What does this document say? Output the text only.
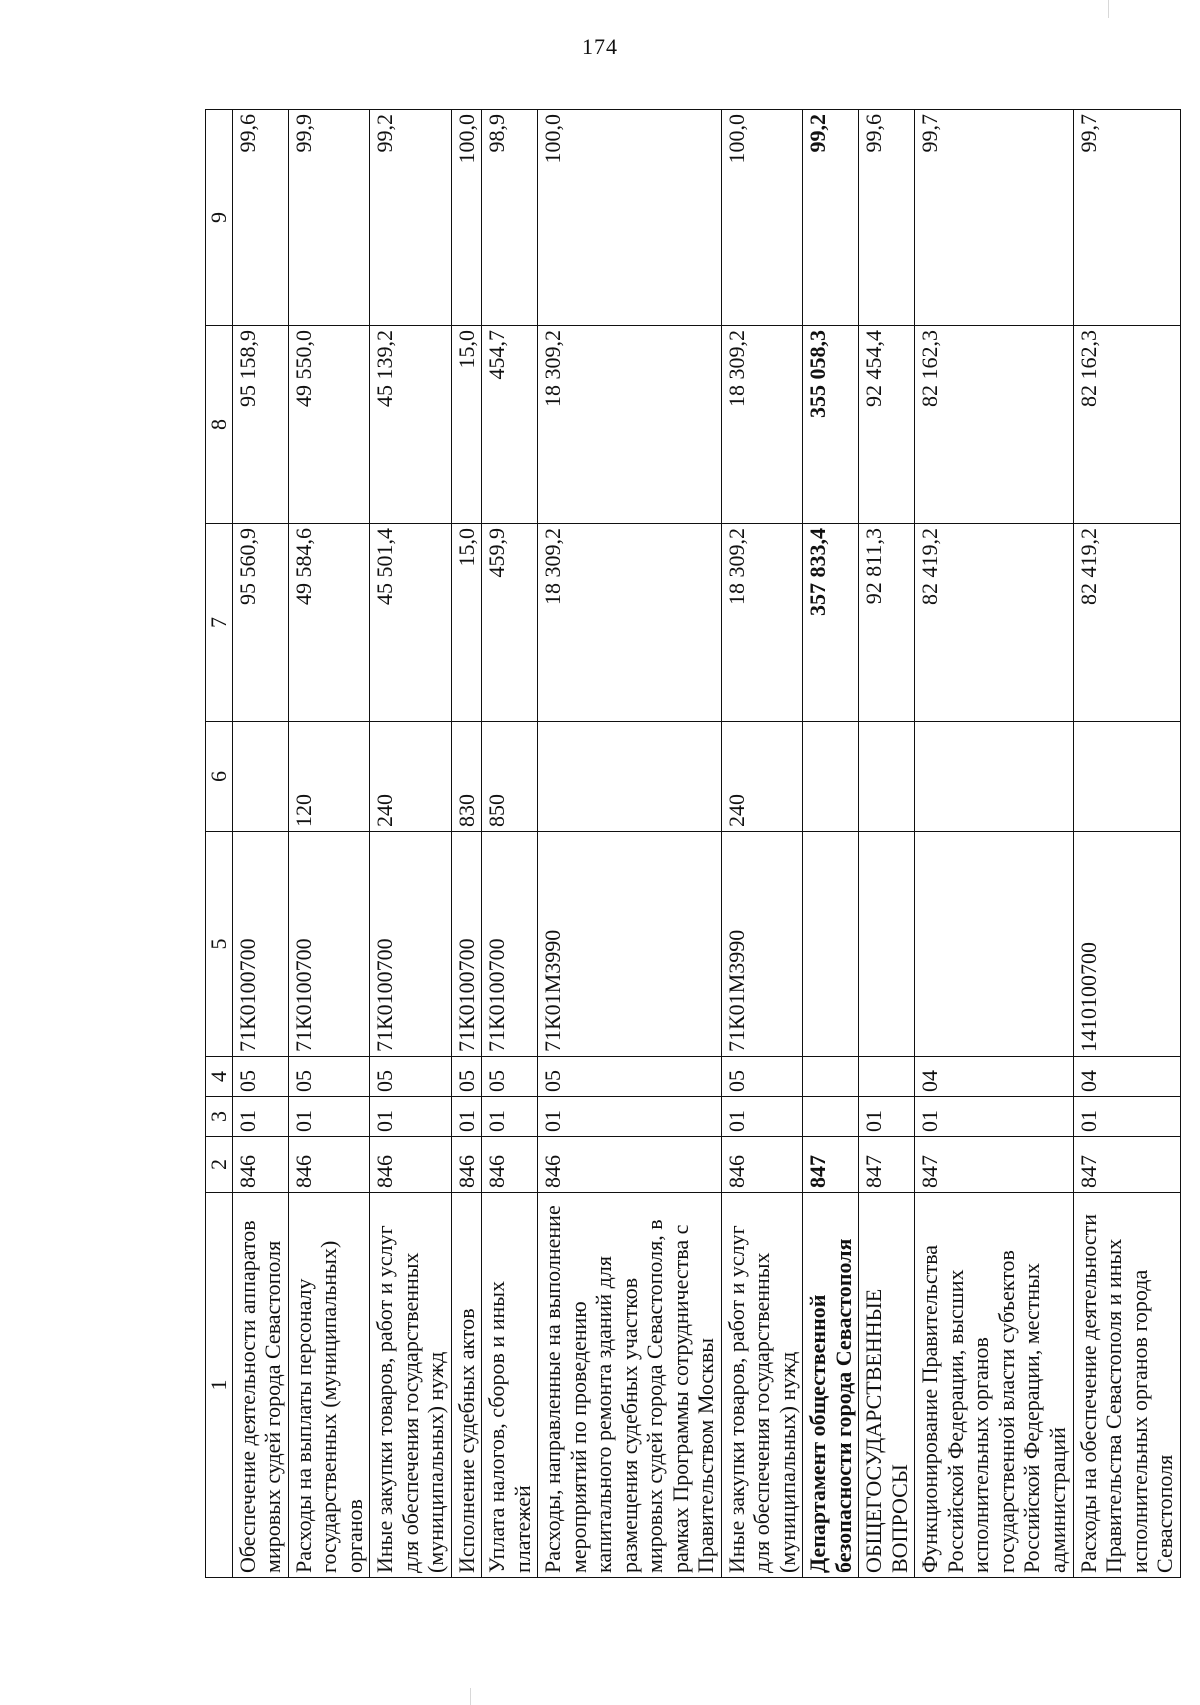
174
1	2	3	4	5	6	7	8	9
Обеспечение деятельности аппаратов мировых судей города Севастополя	846	01	05	71К0100700		95 560,9	95 158,9	99,6
Расходы на выплаты персоналу государственных (муниципальных) органов	846	01	05	71К0100700	120	49 584,6	49 550,0	99,9
Иные закупки товаров, работ и услуг для обеспечения государственных (муниципальных) нужд	846	01	05	71К0100700	240	45 501,4	45 139,2	99,2
Исполнение судебных актов	846	01	05	71К0100700	830	15,0	15,0	100,0
Уплата налогов, сборов и иных платежей	846	01	05	71К0100700	850	459,9	454,7	98,9
Расходы, направленные на выполнение мероприятий по проведению капитального ремонта зданий для размещения судебных участков мировых судей города Севастополя, в рамках Программы сотрудничества с Правительством Москвы	846	01	05	71К01М3990		18 309,2	18 309,2	100,0
Иные закупки товаров, работ и услуг для обеспечения государственных (муниципальных) нужд	846	01	05	71К01М3990	240	18 309,2	18 309,2	100,0
Департамент общественной безопасности города Севастополя	847					357 833,4	355 058,3	99,2
ОБЩЕГОСУДАРСТВЕННЫЕ ВОПРОСЫ	847	01				92 811,3	92 454,4	99,6
Функционирование Правительства Российской Федерации, высших исполнительных органов государственной власти субъектов Российской Федерации, местных администраций	847	01	04			82 419,2	82 162,3	99,7
Расходы на обеспечение деятельности Правительства Севастополя и иных исполнительных органов города Севастополя	847	01	04	1410100700		82 419,2	82 162,3	99,7
